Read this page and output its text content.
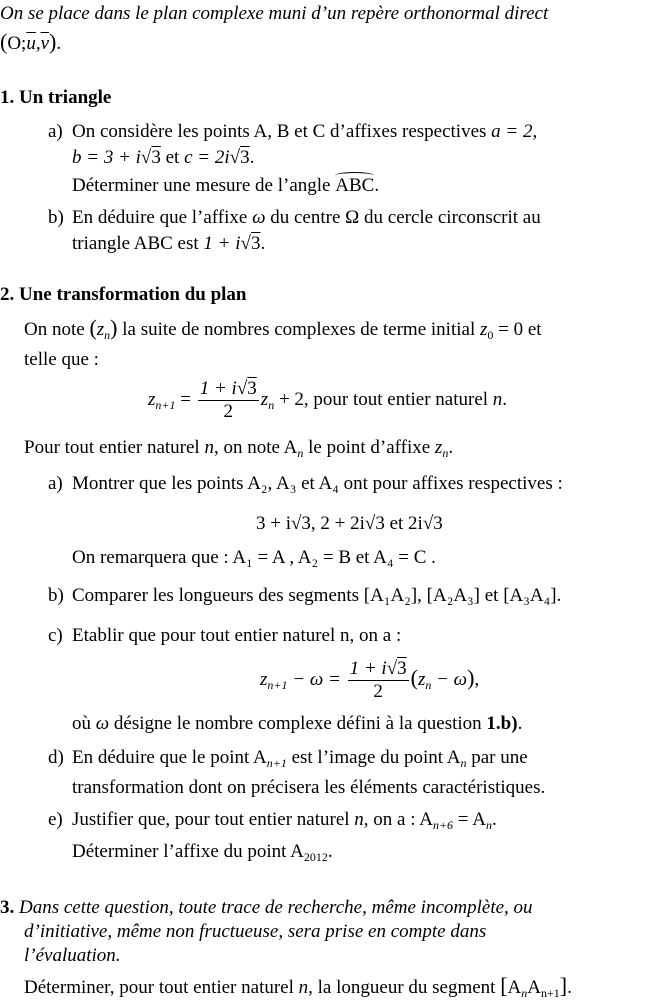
On se place dans le plan complexe muni d’un repère orthonormal direct
$(O;\overline{u},\overline{v})$.
1. Un triangle
a) On considère les points A, B et C d’affixes respectives a = 2,
b = 3 + i√3 et c = 2i√3.
Déterminer une mesure de l’angle ABC.
b) En déduire que l’affixe ω du centre Ω du cercle circonscrit au
triangle ABC est 1 + i√3.
2. Une transformation du plan
On note $(z_n)$ la suite de nombres complexes de terme initial $z_0 = 0$ et
telle que :
$z_{n+1} = \frac{1 + i√3}{2} z_n + 2$, pour tout entier naturel n.
Pour tout entier naturel n, on note $A_n$ le point d’affixe $z_n$.
a) Montrer que les points A₂, A₃ et A₄ ont pour affixes respectives :
3 + i√3, 2 + 2i√3 et 2i√3
On remarquera que : A₁ = A , A₂ = B et A₄ = C .
b) Comparer les longueurs des segments [A₁A₂], [A₂A₃] et [A₃A₄].
c) Etablir que pour tout entier naturel n, on a :
$z_{n+1} - \omega = \frac{1 + i√3}{2} (z_n - \omega)$,
où ω désigne le nombre complexe défini à la question 1.b).
d) En déduire que le point $A_{n+1}$ est l’image du point $A_n$ par une
transformation dont on précisera les éléments caractéristiques.
e) Justifier que, pour tout entier naturel n, on a : $A_{n+6} = A_n$.
Déterminer l’affixe du point $A_{2012}$.
3. Dans cette question, toute trace de recherche, même incomplète, ou
d’initiative, même non fructueuse, sera prise en compte dans
l’évaluation.
Déterminer, pour tout entier naturel n, la longueur du segment $[A_nA_{n+1}]$.
